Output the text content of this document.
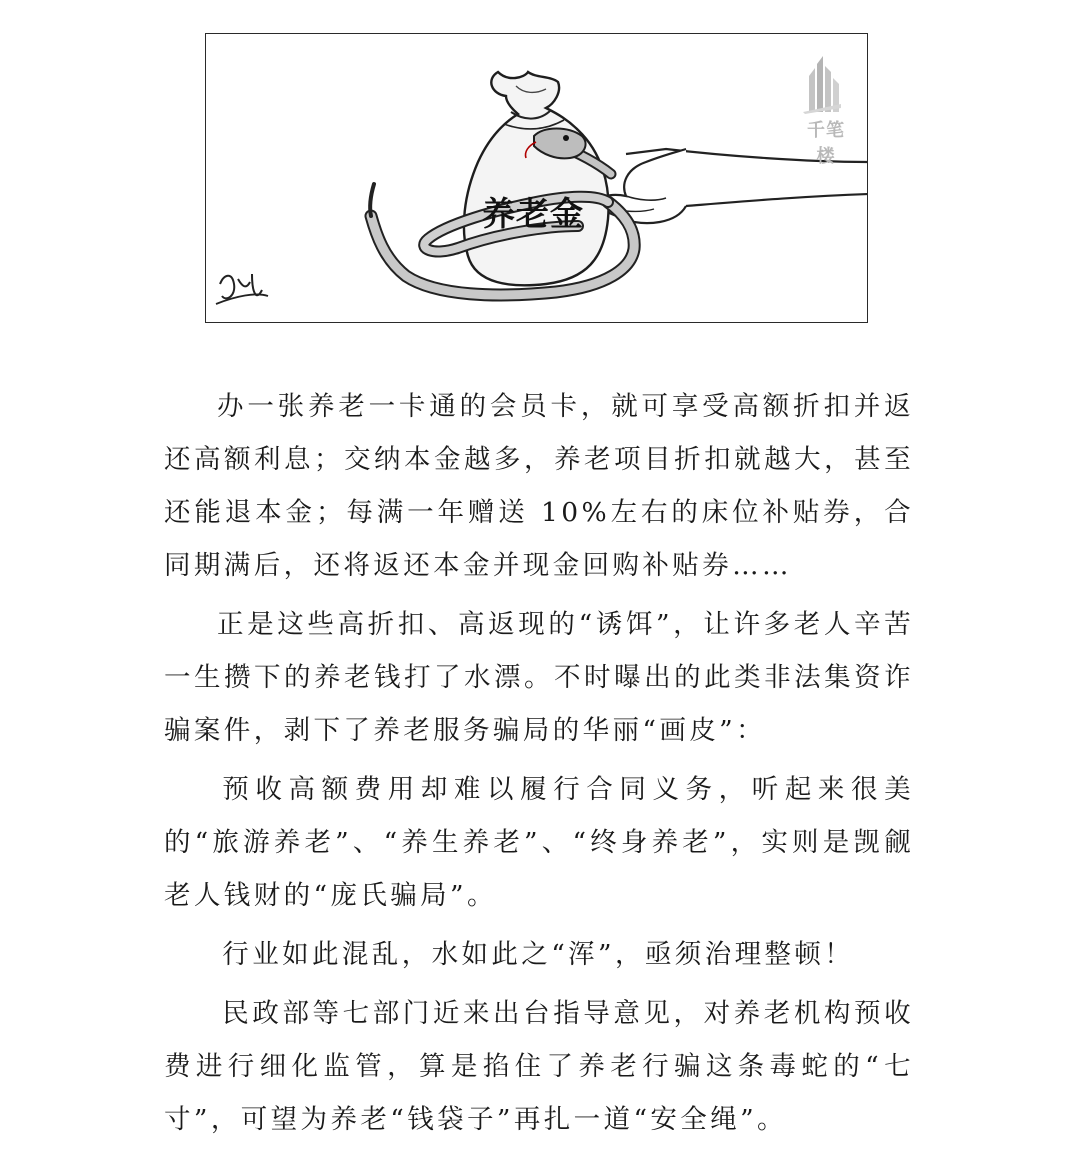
养老金
千笔楼

办一张养老一卡通的会员卡，就可享受高额折扣并返还高额利息；交纳本金越多，养老项目折扣就越大，甚至还能退本金；每满一年赠送 10%左右的床位补贴券，合同期满后，还将返还本金并现金回购补贴券……

正是这些高折扣、高返现的“诱饵”，让许多老人辛苦一生攒下的养老钱打了水漂。不时曝出的此类非法集资诈骗案件，剥下了养老服务骗局的华丽“画皮”：

预收高额费用却难以履行合同义务，听起来很美的“旅游养老”、“养生养老”、“终身养老”，实则是觊觎老人钱财的“庞氏骗局”。

行业如此混乱，水如此之“浑”，亟须治理整顿！

民政部等七部门近来出台指导意见，对养老机构预收费进行细化监管，算是掐住了养老行骗这条毒蛇的“七寸”，可望为养老“钱袋子”再扎一道“安全绳”。
